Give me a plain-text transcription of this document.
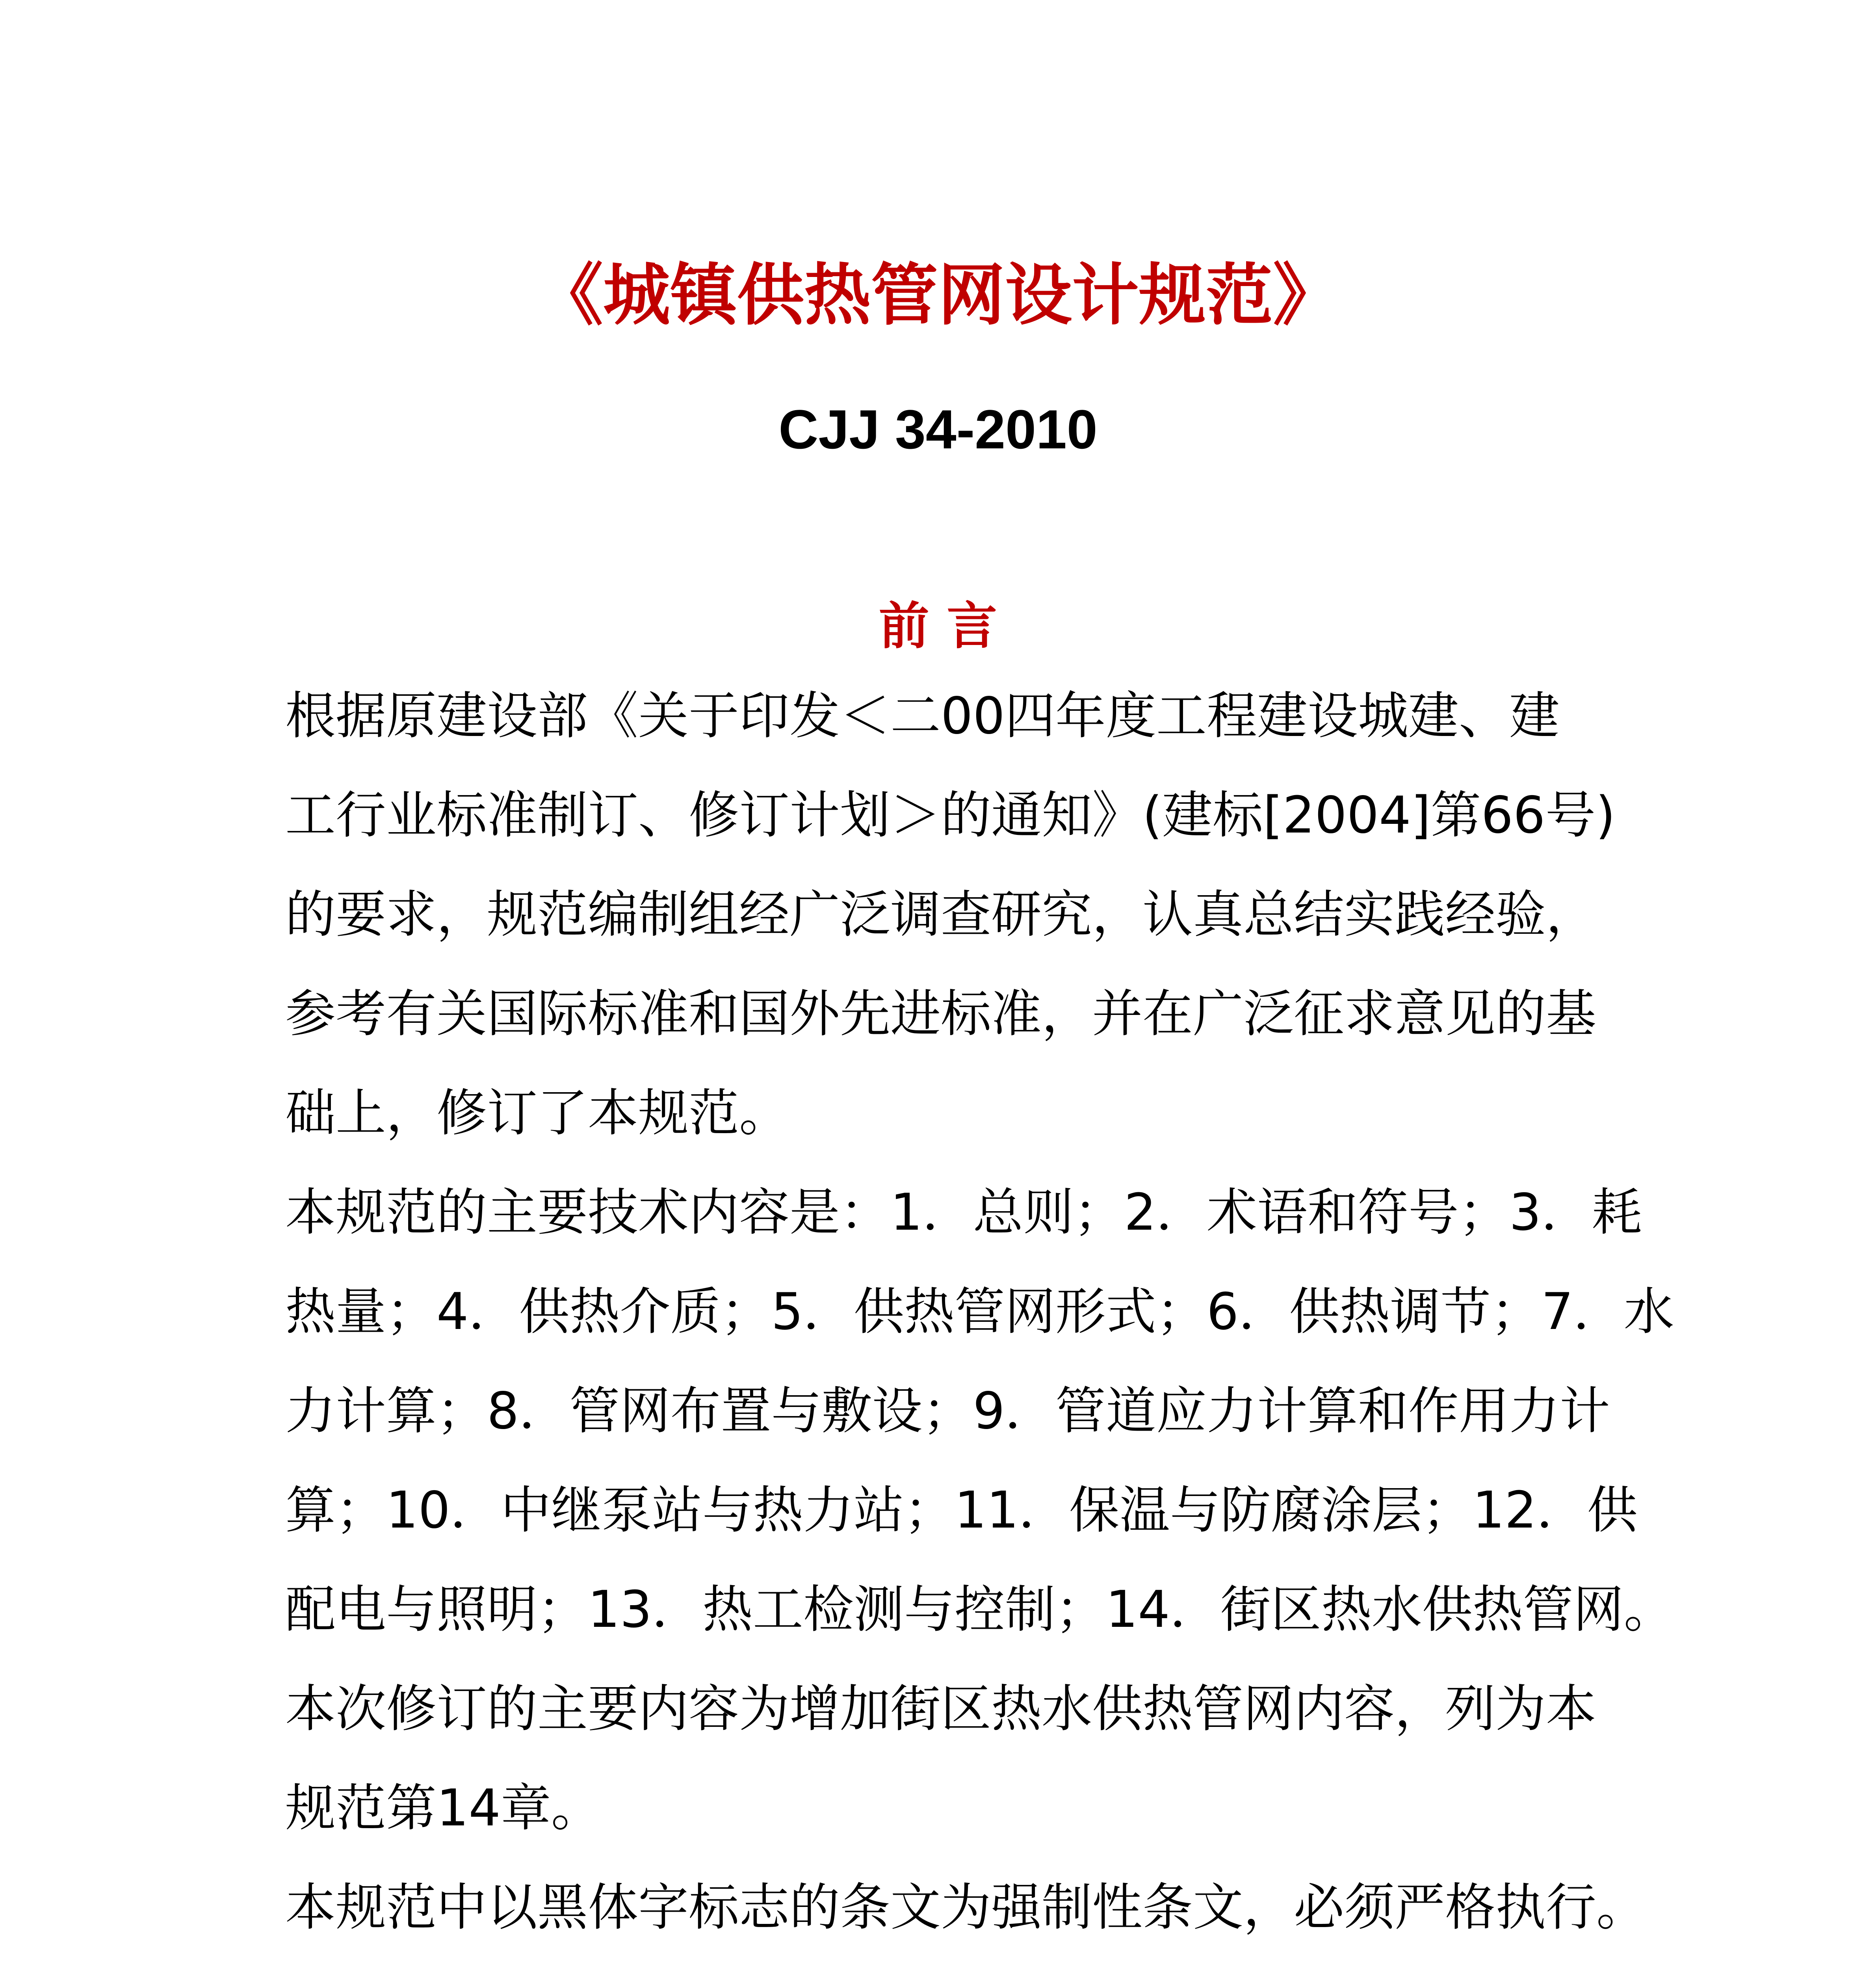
《城镇供热管网设计规范》
CJJ 34-2010
前 言
根据原建设部《关于印发＜二00四年度工程建设城建、建
工行业标准制订、修订计划＞的通知》(建标[2004]第66号)
的要求，规范编制组经广泛调查研究，认真总结实践经验，
参考有关国际标准和国外先进标准，并在广泛征求意见的基
础上，修订了本规范。
本规范的主要技术内容是：1．总则；2．术语和符号；3．耗
热量；4．供热介质；5．供热管网形式；6．供热调节；7．水
力计算；8．管网布置与敷设；9．管道应力计算和作用力计
算；10．中继泵站与热力站；11．保温与防腐涂层；12．供
配电与照明；13．热工检测与控制；14．街区热水供热管网。
本次修订的主要内容为增加街区热水供热管网内容，列为本
规范第14章。
本规范中以黑体字标志的条文为强制性条文，必须严格执行。
